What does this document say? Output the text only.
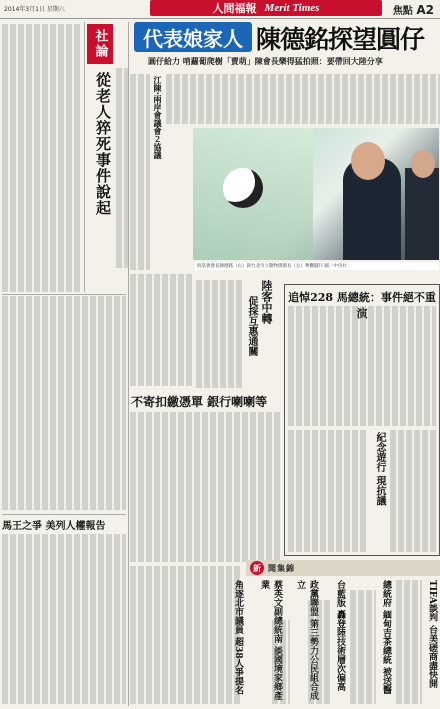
2014年3月1日 星期六	人間福報 Merit Times	焦點 A2
社論
從老人猝死事件說起
代表娘家人 陳德銘探望圓仔
圓仔給力 啃蘿蔔爬樹「賣萌」陳會長樂得猛拍照：要帶回大陸分享
江陳‧兩岸會議會２協議
海基會會長陳德銘（右）與台北市立動物園園長（左）參觀圓仔 圖／中央社
陸客中轉
促採互惠通關	追悼228 馬總統：事件絕不重演
紀念遊行 現抗議
不寄扣繳憑單 銀行喇喇等
馬王之爭 美列人權報告
新 聞集錦
TIFA談判 台美磋商盡快開
總統府 緬甸吉茶總統 被送醫
台藍版 轟登陸技術層次偏高
政黨聯盟 第三勢力公民組合成立
蔡英文副總統南 談國境家鄉產業
角逐北市議員 超38人爭提名
